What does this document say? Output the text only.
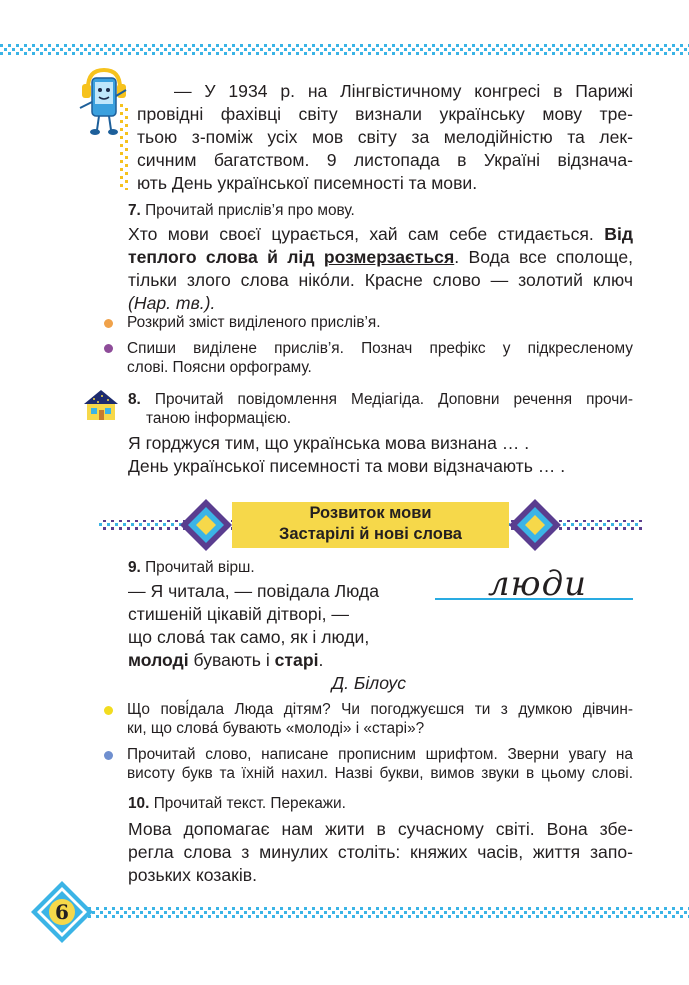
— У 1934 р. на Лінгвістичному конгресі в Парижі
провідні фахівці світу визнали українську мову тре-
тьою з-поміж усіх мов світу за мелодійністю та лек-
сичним багатством. 9 листопада в Україні відзнача-
ють День української писемності та мови.
7. Прочитай прислів’я про мову.
Хто мови своєї цурається, хай сам себе стидається. Від
теплого слова й лід розмерзається. Вода все сполоще,
тільки злого слова ніко́ли. Красне слово — золотий ключ
(Нар. тв.).
Розкрий зміст виділеного прислів’я.
Спиши виділене прислів’я. Познач префікс у підкресленому
слові. Поясни орфограму.
8. Прочитай повідомлення Медіагіда. Доповни речення прочи-
таною інформацією.
Я горджуся тим, що українська мова визнана … .
День української писемності та мови відзначають … .
Розвиток мови
Застарілі й нові слова
9. Прочитай вірш.
— Я читала, — повідала Люда
стишеній цікавій дітворі, —
що слова́ так само, як і люди,
молоді бувають і старі.
Д. Білоус
люди
Що пові́дала Люда дітям? Чи погоджуєшся ти з думкою дівчин-
ки, що слова́ бувають «молоді» і «старі»?
Прочитай слово, написане прописним шрифтом. Зверни увагу на
висоту букв та їхній нахил. Назві букви, вимов звуки в цьому слові.
10. Прочитай текст. Перекажи.
Мова допомагає нам жити в сучасному світі. Вона збе-
регла слова з минулих століть: княжих часів, життя запо-
розьких козаків.
6
